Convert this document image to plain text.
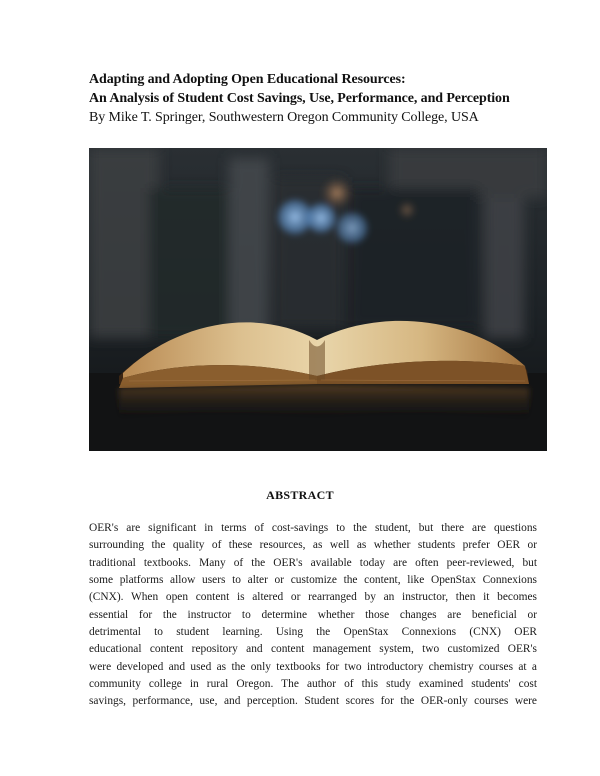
Adapting and Adopting Open Educational Resources:
An Analysis of Student Cost Savings, Use, Performance, and Perception
By Mike T. Springer, Southwestern Oregon Community College, USA
ABSTRACT
OER's are significant in terms of cost-savings to the student, but there are questions
surrounding the quality of these resources, as well as whether students prefer OER or
traditional textbooks. Many of the OER's available today are often peer-reviewed, but
some platforms allow users to alter or customize the content, like OpenStax Connexions
(CNX). When open content is altered or rearranged by an instructor, then it becomes
essential for the instructor to determine whether those changes are beneficial or
detrimental to student learning. Using the OpenStax Connexions (CNX) OER
educational content repository and content management system, two customized OER's
were developed and used as the only textbooks for two introductory chemistry courses at a
community college in rural Oregon. The author of this study examined students' cost
savings, performance, use, and perception. Student scores for the OER-only courses were
